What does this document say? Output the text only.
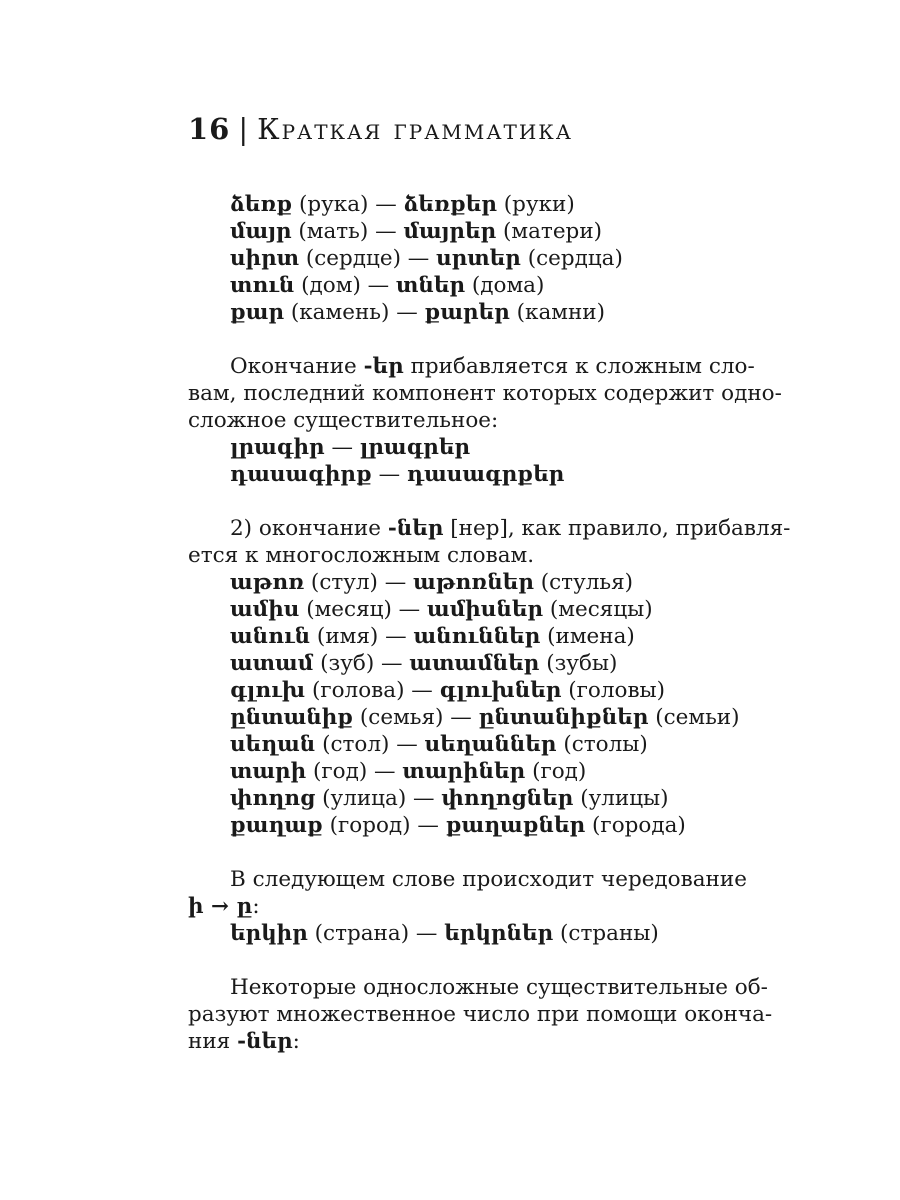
16 | Краткая грамматика
ձեռք (рука) — ձեռքեր (руки)
մայր (мать) — մայրեր (матери)
սիրտ (сердце) — սրտեր (сердца)
տուն (дом) — տներ (дома)
քար (камень) — քարեր (камни)
Окончание -եր прибавляется к сложным сло-
вам, последний компонент которых содержит одно-
сложное существительное:
լրագիր — լրագրեր
դասագիրք — դասագրքեր
2) окончание -ներ [нер], как правило, прибавля-
ется к многосложным словам.
աթոռ (стул) — աթոռներ (стулья)
ամիս (месяц) — ամիսներ (месяцы)
անուն (имя) — անուններ (имена)
ատամ (зуб) — ատամներ (зубы)
գլուխ (голова) — գլուխներ (головы)
ընտանիք (семья) — ընտանիքներ (семьи)
սեղան (стол) — սեղաններ (столы)
տարի (год) — տարիներ (год)
փողոց (улица) — փողոցներ (улицы)
քաղաք (город) — քաղաքներ (города)
В следующем слове происходит чередование
ի → ը:
երկիր (страна) — երկրներ (страны)
Некоторые односложные существительные об-
разуют множественное число при помощи оконча-
ния -ներ:
